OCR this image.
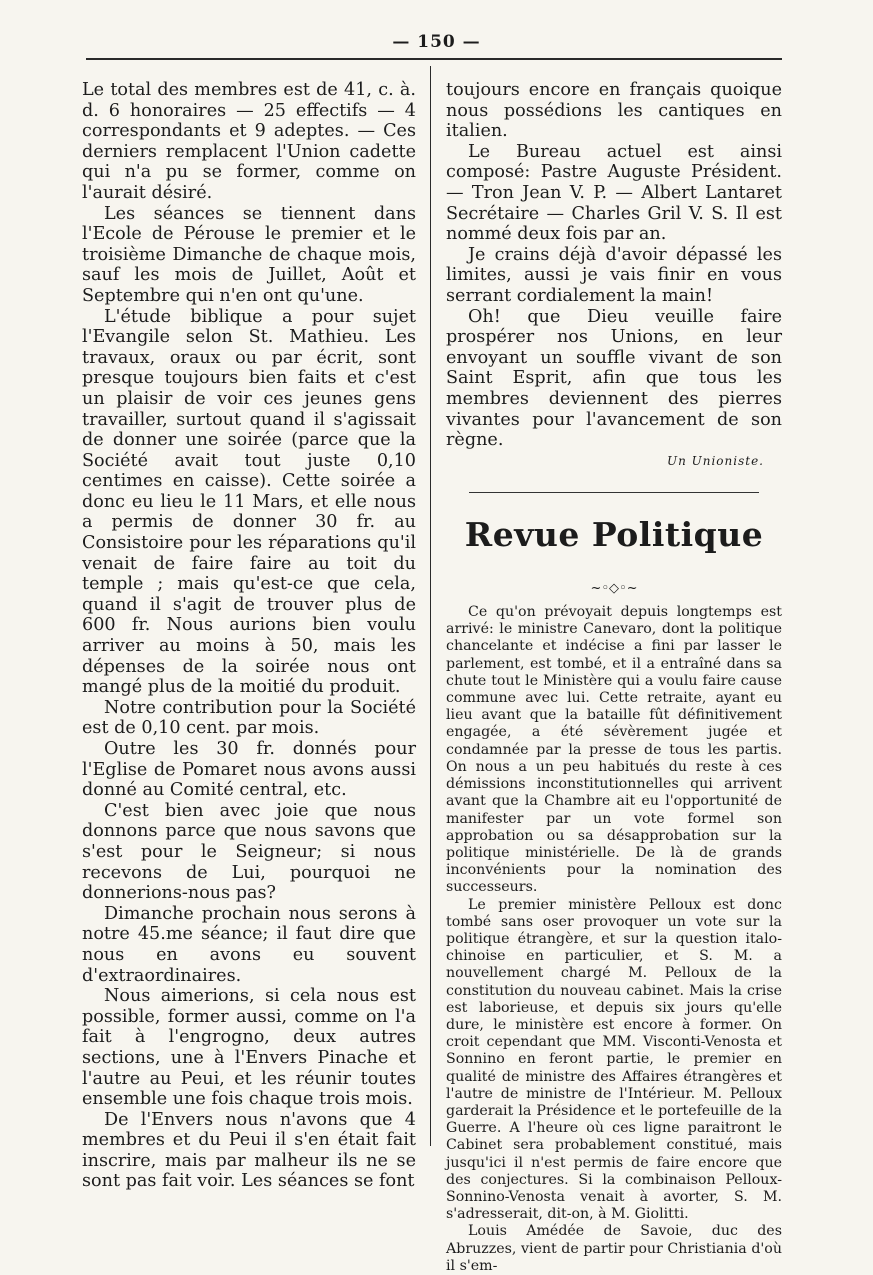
— 150 —

Le total des membres est de 41, c. à. d. 6 honoraires — 25 effectifs — 4 correspondants et 9 adeptes. — Ces derniers remplacent l'Union cadette qui n'a pu se former, comme on l'aurait désiré.

Les séances se tiennent dans l'Ecole de Pérouse le premier et le troisième Dimanche de chaque mois, sauf les mois de Juillet, Août et Septembre qui n'en ont qu'une.

L'étude biblique a pour sujet l'Evangile selon St. Mathieu. Les travaux, oraux ou par écrit, sont presque toujours bien faits et c'est un plaisir de voir ces jeunes gens travailler, surtout quand il s'agissait de donner une soirée (parce que la Société avait tout juste 0,10 centimes en caisse). Cette soirée a donc eu lieu le 11 Mars, et elle nous a permis de donner 30 fr. au Consistoire pour les réparations qu'il venait de faire faire au toit du temple ; mais qu'est-ce que cela, quand il s'agit de trouver plus de 600 fr. Nous aurions bien voulu arriver au moins à 50, mais les dépenses de la soirée nous ont mangé plus de la moitié du produit.

Notre contribution pour la Société est de 0,10 cent. par mois.

Outre les 30 fr. donnés pour l'Eglise de Pomaret nous avons aussi donné au Comité central, etc.

C'est bien avec joie que nous donnons parce que nous savons que s'est pour le Seigneur; si nous recevons de Lui, pourquoi ne donnerions-nous pas?

Dimanche prochain nous serons à notre 45.me séance; il faut dire que nous en avons eu souvent d'extraordinaires.

Nous aimerions, si cela nous est possible, former aussi, comme on l'a fait à l'engrogno, deux autres sections, une à l'Envers Pinache et l'autre au Peui, et les réunir toutes ensemble une fois chaque trois mois.

De l'Envers nous n'avons que 4 membres et du Peui il s'en était fait inscrire, mais par malheur ils ne se sont pas fait voir. Les séances se font

toujours encore en français quoique nous possédions les cantiques en italien.

Le Bureau actuel est ainsi composé: Pastre Auguste Président. — Tron Jean V. P. — Albert Lantaret Secrétaire — Charles Gril V. S. Il est nommé deux fois par an.

Je crains déjà d'avoir dépassé les limites, aussi je vais finir en vous serrant cordialement la main!

Oh! que Dieu veuille faire prospérer nos Unions, en leur envoyant un souffle vivant de son Saint Esprit, afin que tous les membres deviennent des pierres vivantes pour l'avancement de son règne.

Un Unioniste.

Revue Politique
~◦◇◦~

Ce qu'on prévoyait depuis longtemps est arrivé: le ministre Canevaro, dont la politique chancelante et indécise a fini par lasser le parlement, est tombé, et il a entraîné dans sa chute tout le Ministère qui a voulu faire cause commune avec lui. Cette retraite, ayant eu lieu avant que la bataille fût définitivement engagée, a été sévèrement jugée et condamnée par la presse de tous les partis. On nous a un peu habitués du reste à ces démissions inconstitutionnelles qui arrivent avant que la Chambre ait eu l'opportunité de manifester par un vote formel son approbation ou sa désapprobation sur la politique ministérielle. De là de grands inconvénients pour la nomination des successeurs.

Le premier ministère Pelloux est donc tombé sans oser provoquer un vote sur la politique étrangère, et sur la question italo-chinoise en particulier, et S. M. a nouvellement chargé M. Pelloux de la constitution du nouveau cabinet. Mais la crise est laborieuse, et depuis six jours qu'elle dure, le ministère est encore à former. On croit cependant que MM. Visconti-Venosta et Sonnino en feront partie, le premier en qualité de ministre des Affaires étrangères et l'autre de ministre de l'Intérieur. M. Pelloux garderait la Présidence et le portefeuille de la Guerre. A l'heure où ces ligne paraitront le Cabinet sera probablement constitué, mais jusqu'ici il n'est permis de faire encore que des conjectures. Si la combinaison Pelloux-Sonnino-Venosta venait à avorter, S. M. s'adresserait, dit-on, à M. Giolitti.

Louis Amédée de Savoie, duc des Abruzzes, vient de partir pour Christiania d'où il s'em-
